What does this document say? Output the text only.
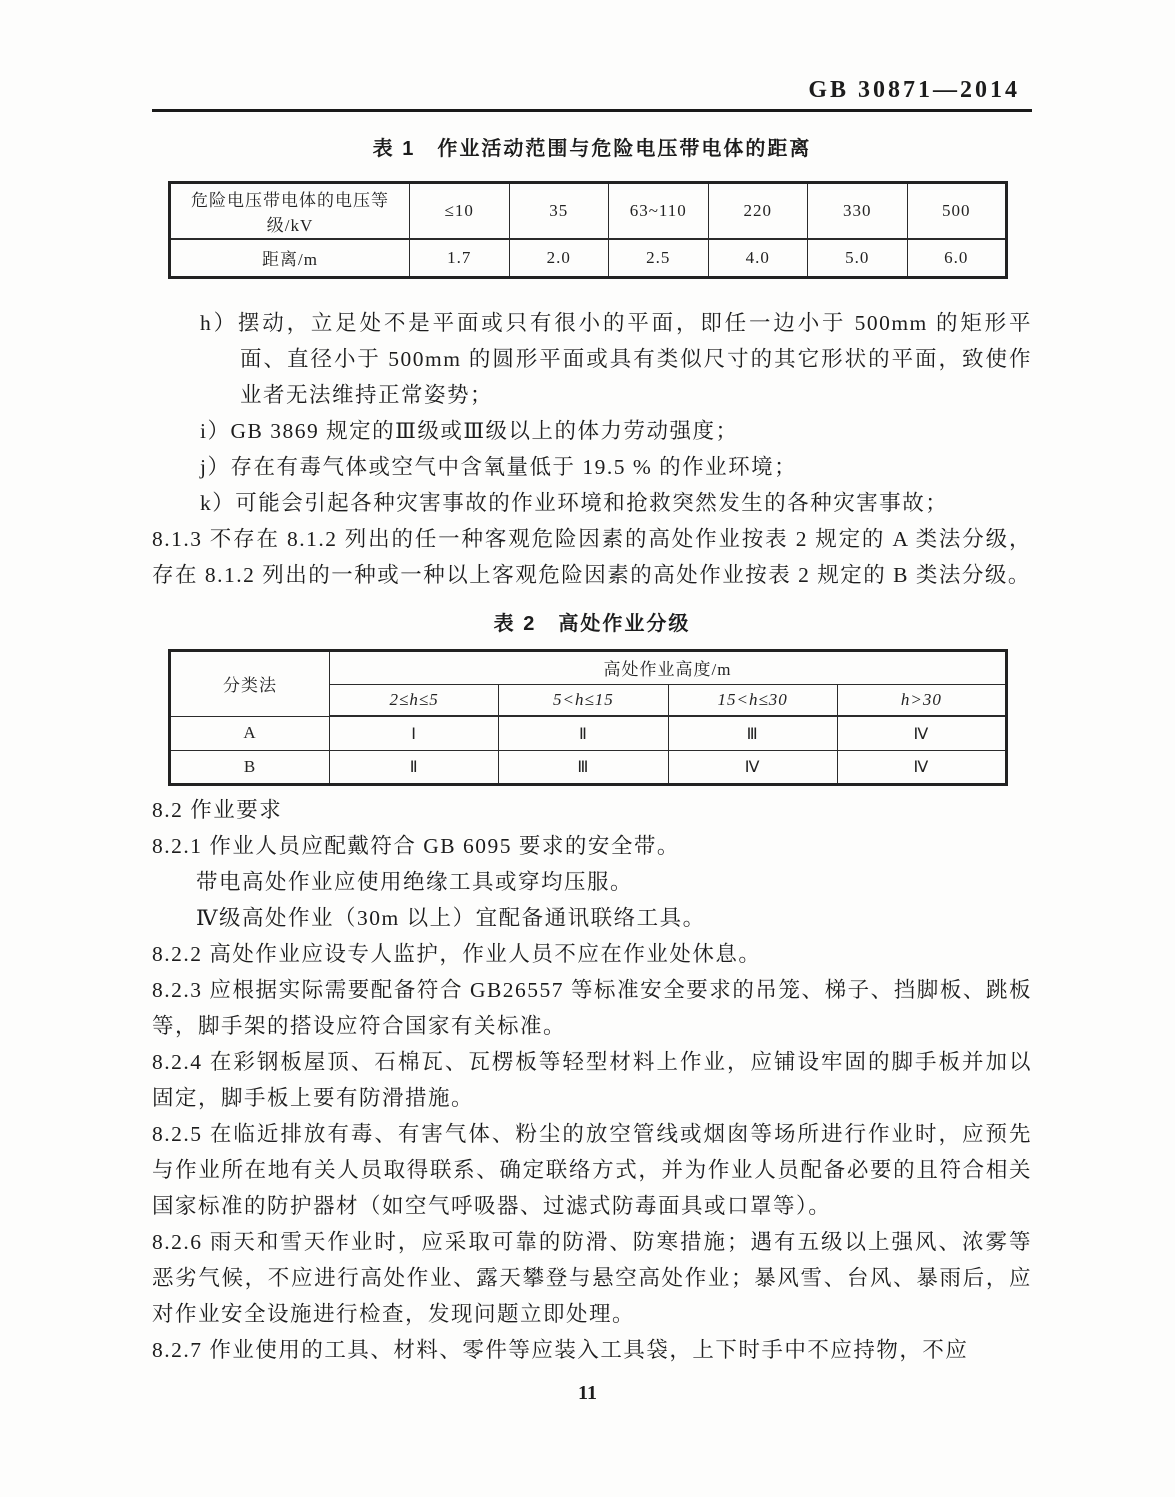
GB 30871—2014
表 1　作业活动范围与危险电压带电体的距离
危险电压带电体的电压等级/kV	≤10	35	63~110	220	330	500
距离/m	1.7	2.0	2.5	4.0	5.0	6.0

h）摆动，立足处不是平面或只有很小的平面，即任一边小于 500mm 的矩形平面、直径小于 500mm 的圆形平面或具有类似尺寸的其它形状的平面，致使作业者无法维持正常姿势；

i）GB 3869 规定的Ⅲ级或Ⅲ级以上的体力劳动强度；

j）存在有毒气体或空气中含氧量低于 19.5 % 的作业环境；

k）可能会引起各种灾害事故的作业环境和抢救突然发生的各种灾害事故；

8.1.3 不存在 8.1.2 列出的任一种客观危险因素的高处作业按表 2 规定的 A 类法分级，存在 8.1.2 列出的一种或一种以上客观危险因素的高处作业按表 2 规定的 B 类法分级。

表 2　高处作业分级
分类法	高处作业高度/m			
	2≤h≤5	5<h≤15	15<h≤30	h>30
A	Ⅰ	Ⅱ	Ⅲ	Ⅳ
B	Ⅱ	Ⅲ	Ⅳ	Ⅳ

8.2 作业要求

8.2.1 作业人员应配戴符合 GB 6095 要求的安全带。

带电高处作业应使用绝缘工具或穿均压服。

Ⅳ级高处作业（30m 以上）宜配备通讯联络工具。

8.2.2 高处作业应设专人监护，作业人员不应在作业处休息。

8.2.3 应根据实际需要配备符合 GB26557 等标准安全要求的吊笼、梯子、挡脚板、跳板等，脚手架的搭设应符合国家有关标准。

8.2.4 在彩钢板屋顶、石棉瓦、瓦楞板等轻型材料上作业，应铺设牢固的脚手板并加以固定，脚手板上要有防滑措施。

8.2.5 在临近排放有毒、有害气体、粉尘的放空管线或烟囱等场所进行作业时，应预先与作业所在地有关人员取得联系、确定联络方式，并为作业人员配备必要的且符合相关国家标准的防护器材（如空气呼吸器、过滤式防毒面具或口罩等）。

8.2.6 雨天和雪天作业时，应采取可靠的防滑、防寒措施；遇有五级以上强风、浓雾等恶劣气候，不应进行高处作业、露天攀登与悬空高处作业；暴风雪、台风、暴雨后，应对作业安全设施进行检查，发现问题立即处理。

8.2.7 作业使用的工具、材料、零件等应装入工具袋，上下时手中不应持物，不应

11
